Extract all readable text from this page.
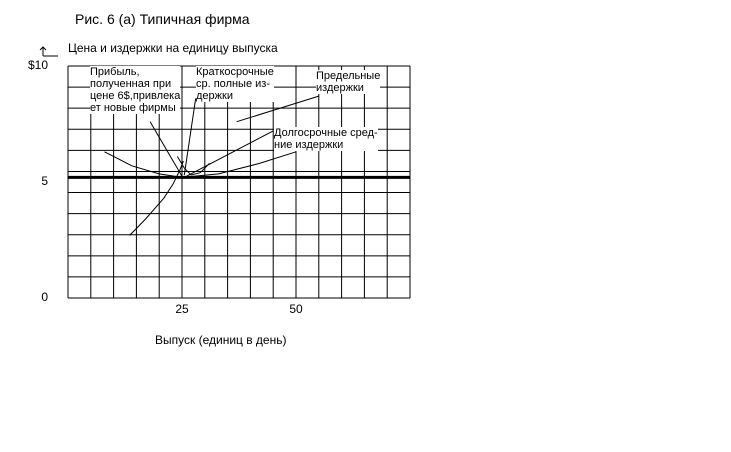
Рис. 6 (а) Типичная фирма
Цена и издержки на единицу выпуска
Выпуск (единиц в день)
Прибыль,
полученная при
цене 6$,привлека
ет новые фирмы
Краткосрочные
ср. полные из-
держки
Предельные
издержки
Долгосрочные сред-
ние издержки
$10
5
0
25	50
